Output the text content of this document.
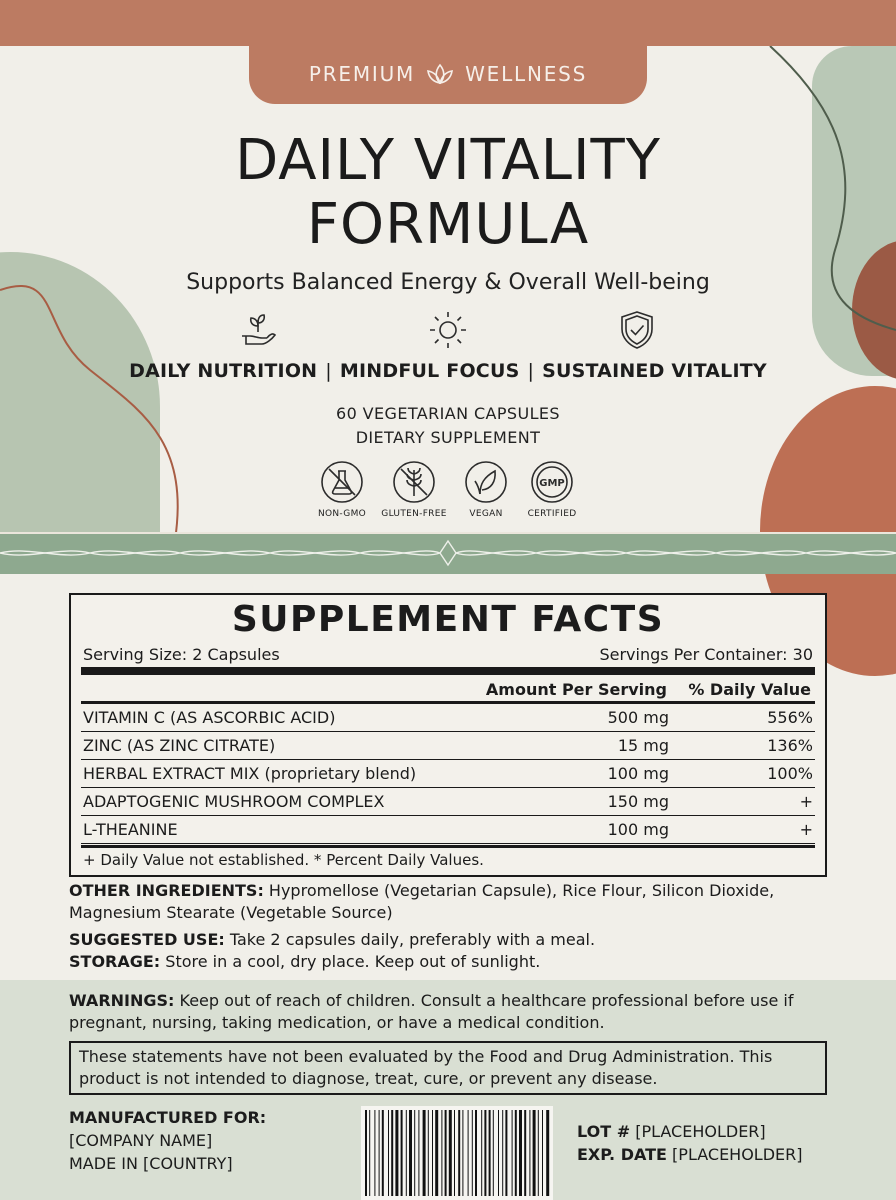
PREMIUM	WELLNESS
DAILY VITALITY
FORMULA
Supports Balanced Energy & Overall Well-being
DAILY NUTRITION | MINDFUL FOCUS | SUSTAINED VITALITY
60 VEGETARIAN CAPSULES
DIETARY SUPPLEMENT
NON-GMO	GLUTEN-FREE	VEGAN
GMP
CERTIFIED
SUPPLEMENT FACTS
Serving Size: 2 Capsules	Servings Per Container: 30
Amount Per Serving % Daily Value
VITAMIN C (AS ASCORBIC ACID)	500 mg	556%
ZINC (AS ZINC CITRATE)	15 mg	136%
HERBAL EXTRACT MIX (proprietary blend)	100 mg	100%
ADAPTOGENIC MUSHROOM COMPLEX	150 mg	+
L-THEANINE	100 mg	+
+ Daily Value not established. * Percent Daily Values.
OTHER INGREDIENTS: Hypromellose (Vegetarian Capsule), Rice Flour, Silicon Dioxide, Magnesium Stearate (Vegetable Source)
SUGGESTED USE: Take 2 capsules daily, preferably with a meal.
STORAGE: Store in a cool, dry place. Keep out of sunlight.
WARNINGS: Keep out of reach of children. Consult a healthcare professional before use if pregnant, nursing, taking medication, or have a medical condition.
These statements have not been evaluated by the Food and Drug Administration. This product is not intended to diagnose, treat, cure, or prevent any disease.
MANUFACTURED FOR:
[COMPANY NAME]
MADE IN [COUNTRY]
LOT # [PLACEHOLDER]
EXP. DATE [PLACEHOLDER]
